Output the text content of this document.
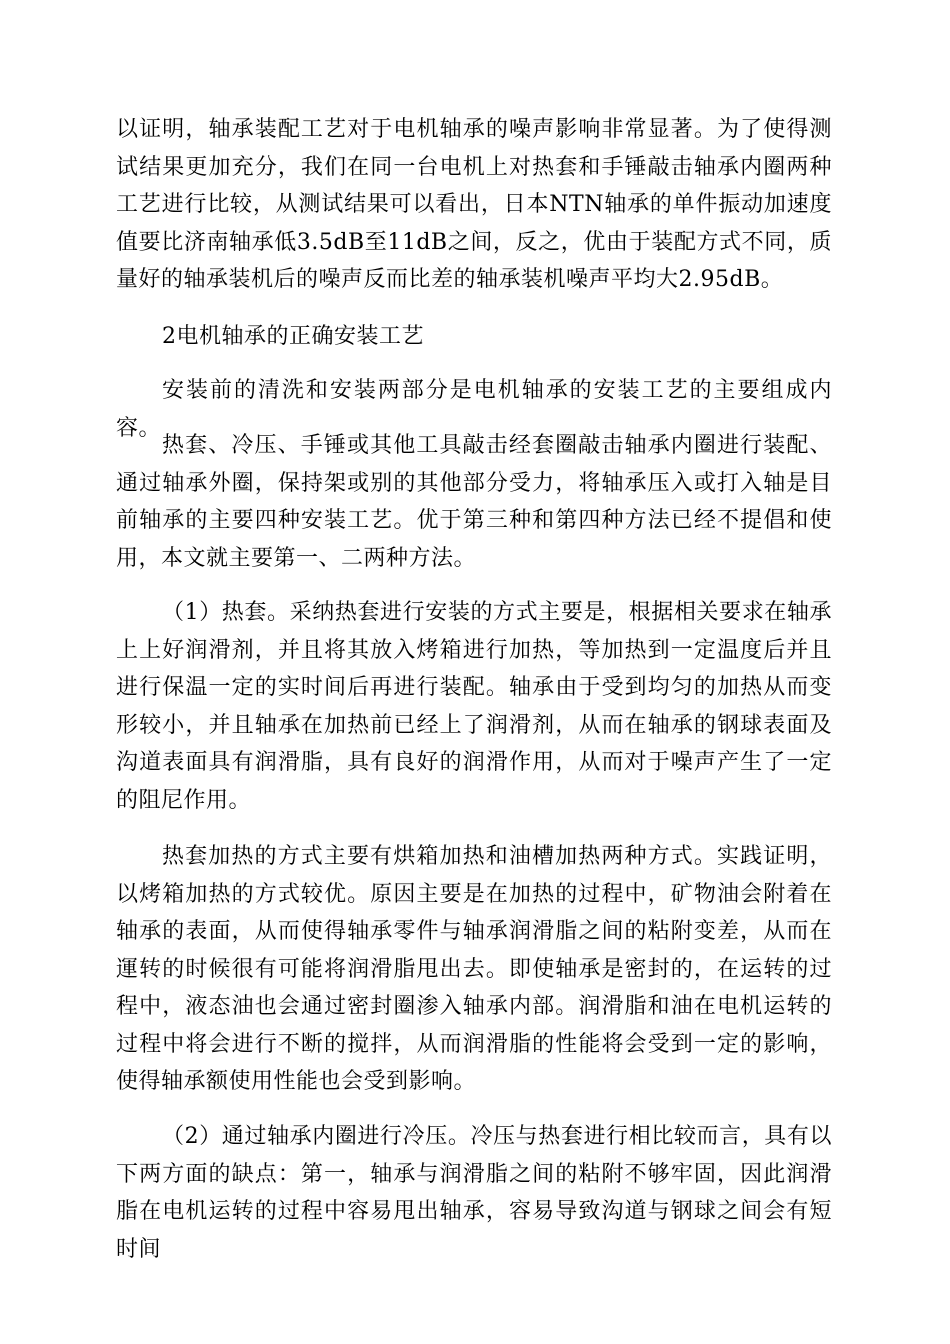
以证明，轴承装配工艺对于电机轴承的噪声影响非常显著。为了使得测试结果更加充分，我们在同一台电机上对热套和手锤敲击轴承内圈两种工艺进行比较，从测试结果可以看出，日本NTN轴承的单件振动加速度值要比济南轴承低3.5dB至11dB之间，反之，优由于装配方式不同，质量好的轴承装机后的噪声反而比差的轴承装机噪声平均大2.95dB。

2电机轴承的正确安装工艺

安装前的清洗和安装两部分是电机轴承的安装工艺的主要组成内容。

热套、冷压、手锤或其他工具敲击经套圈敲击轴承内圈进行装配、通过轴承外圈，保持架或别的其他部分受力，将轴承压入或打入轴是目前轴承的主要四种安装工艺。优于第三种和第四种方法已经不提倡和使用，本文就主要第一、二两种方法。

（1）热套。采纳热套进行安装的方式主要是，根据相关要求在轴承上上好润滑剂，并且将其放入烤箱进行加热，等加热到一定温度后并且进行保温一定的实时间后再进行装配。轴承由于受到均匀的加热从而变形较小，并且轴承在加热前已经上了润滑剂，从而在轴承的钢球表面及沟道表面具有润滑脂，具有良好的润滑作用，从而对于噪声产生了一定的阻尼作用。

热套加热的方式主要有烘箱加热和油槽加热两种方式。实践证明，以烤箱加热的方式较优。原因主要是在加热的过程中，矿物油会附着在轴承的表面，从而使得轴承零件与轴承润滑脂之间的粘附变差，从而在運转的时候很有可能将润滑脂甩出去。即使轴承是密封的，在运转的过程中，液态油也会通过密封圈渗入轴承内部。润滑脂和油在电机运转的过程中将会进行不断的搅拌，从而润滑脂的性能将会受到一定的影响，使得轴承额使用性能也会受到影响。

（2）通过轴承内圈进行冷压。冷压与热套进行相比较而言，具有以下两方面的缺点：第一，轴承与润滑脂之间的粘附不够牢固，因此润滑脂在电机运转的过程中容易甩出轴承，容易导致沟道与钢球之间会有短时间
